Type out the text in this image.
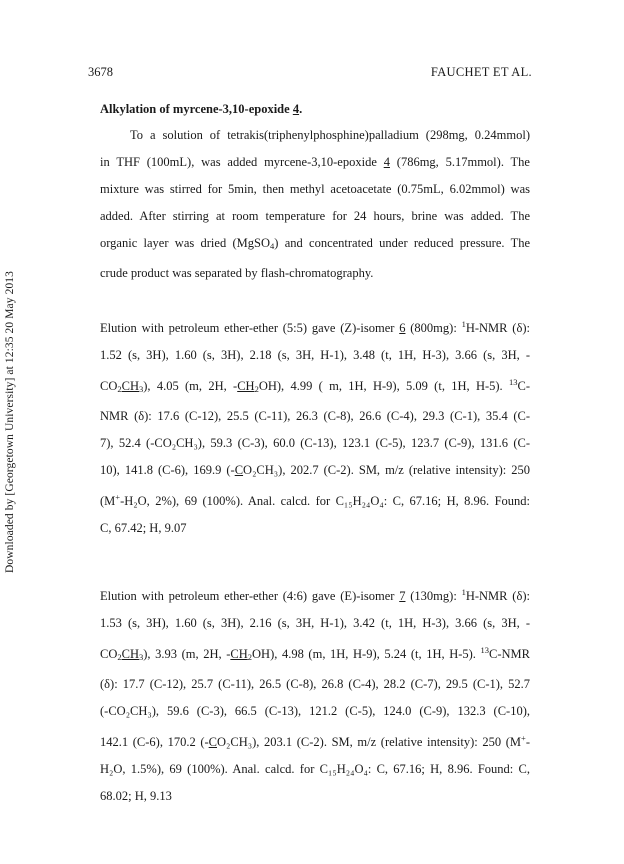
Downloaded by [Georgetown University] at 12:35 20 May 2013
3678	FAUCHET ET AL.
Alkylation of myrcene-3,10-epoxide 4.
To a solution of tetrakis(triphenylphosphine)palladium (298mg, 0.24mmol)
in THF (100mL), was added myrcene-3,10-epoxide 4 (786mg, 5.17mmol). The
mixture was stirred for 5min, then methyl acetoacetate (0.75mL, 6.02mmol) was
added. After stirring at room temperature for 24 hours, brine was added. The
organic layer was dried (MgSO$_4$) and concentrated under reduced pressure. The
crude product was separated by flash-chromatography.
Elution with petroleum ether-ether (5:5) gave (Z)-isomer 6 (800mg): $^1$H-NMR (δ):
1.52 (s, 3H), 1.60 (s, 3H), 2.18 (s, 3H, H-1), 3.48 (t, 1H, H-3), 3.66 (s, 3H, -
$CO_2CH_3$), 4.05 (m, 2H, $-CH_2OH$), 4.99 ( m, 1H, H-9), 5.09 (t, 1H, H-5). $^{13}$C-
NMR (δ): 17.6 (C-12), 25.5 (C-11), 26.3 (C-8), 26.6 (C-4), 29.3 (C-1), 35.4 (C-
7), 52.4 (-CO₂CH₃), 59.3 (C-3), 60.0 (C-13), 123.1 (C-5), 123.7 (C-9), 131.6 (C-
10), 141.8 (C-6), 169.9 (-CO₂CH₃), 202.7 (C-2). SM, m/z (relative intensity): 250
(M+-H₂O, 2%), 69 (100%). Anal. calcd. for C₁₅H₂₄O₄: C, 67.16; H, 8.96. Found:
C, 67.42; H, 9.07
Elution with petroleum ether-ether (4:6) gave (E)-isomer 7 (130mg): $^1$H-NMR (δ):
1.53 (s, 3H), 1.60 (s, 3H), 2.16 (s, 3H, H-1), 3.42 (t, 1H, H-3), 3.66 (s, 3H, -
$CO_2CH_3$), 3.93 (m, 2H, $-CH_2OH$), 4.98 (m, 1H, H-9), 5.24 (t, 1H, H-5). $^{13}$C-NMR
(δ): 17.7 (C-12), 25.7 (C-11), 26.5 (C-8), 26.8 (C-4), 28.2 (C-7), 29.5 (C-1), 52.7
(-CO₂CH₃), 59.6 (C-3), 66.5 (C-13), 121.2 (C-5), 124.0 (C-9), 132.3 (C-10),
142.1 (C-6), 170.2 (-CO₂CH₃), 203.1 (C-2). SM, m/z (relative intensity): 250 (M+-
H₂O, 1.5%), 69 (100%). Anal. calcd. for C₁₅H₂₄O₄: C, 67.16; H, 8.96. Found: C,
68.02; H, 9.13
